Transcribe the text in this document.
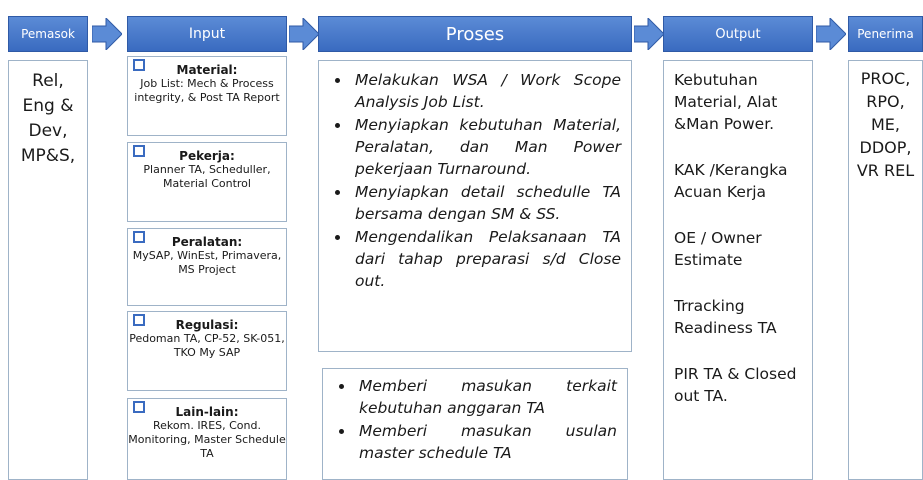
Pemasok	Input	Proses	Output	Penerima
Rel,
Eng &
Dev,
MP&S,
Material:
Job List: Mech & Process integrity, & Post TA Report
Pekerja:
Planner TA, Scheduller, Material Control
Peralatan:
MySAP, WinEst, Primavera, MS Project
Regulasi:
Pedoman TA, CP-52, SK-051, TKO My SAP
Lain-lain:
Rekom. IRES, Cond. Monitoring, Master Schedule TA
• Melakukan WSA / Work Scope Analysis Job List.
• Menyiapkan kebutuhan Material, Peralatan, dan Man Power pekerjaan Turnaround.
• Menyiapkan detail schedulle TA bersama dengan SM & SS.
• Mengendalikan Pelaksanaan TA dari tahap preparasi s/d Close out.
• Memberi masukan terkait kebutuhan anggaran TA
• Memberi masukan usulan master schedule TA
Kebutuhan Material, Alat &Man Power.
KAK /Kerangka Acuan Kerja
OE / Owner Estimate
Trracking Readiness TA
PIR TA & Closed out TA.
PROC,
RPO,
ME,
DDOP,
VR REL
